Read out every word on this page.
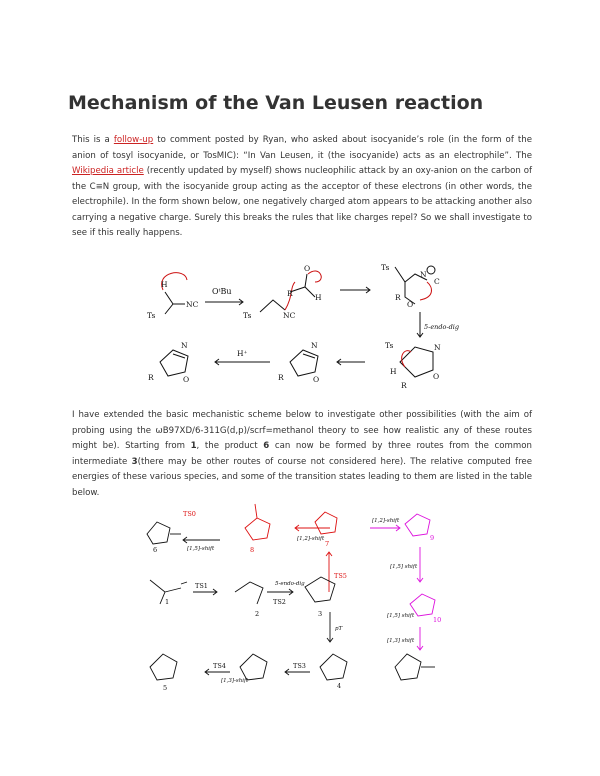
Mechanism of the Van Leusen reaction

This is a follow-up to comment posted by Ryan, who asked about isocyanide’s role (in the form of the anion of tosyl isocyanide, or TosMIC): “In Van Leusen, it (the isocyanide) acts as an electrophile”. The Wikipedia article (recently updated by myself) shows nucleophilic attack by an oxy-anion on the carbon of the C≡N group, with the isocyanide group acting as the acceptor of these electrons (in other words, the electrophile). In the form shown below, one negatively charged atom appears to be attacking another also carrying a negative charge. Surely this breaks the rules that like charges repel? So we shall investigate to see if this really happens.

H
Ts
NC
OᵗBu
Ts	NC
R	H
O	Ts
N
C
O
R
5-endo-dig
Ts	N
O
R
H
N
O
R
H⁺
N
O
R

I have extended the basic mechanistic scheme below to investigate other possibilities (with the aim of probing using the ωB97XD/6-311G(d,p)/scrf=methanol theory to see how realistic any of these routes might be). Starting from 1, the product 6 can now be formed by three routes from the common intermediate 3(there may be other routes of course not considered here). The relative computed free energies of these various species, and some of the transition states leading to them are listed in the table below.

TS0
TS1
TS2
TS3
TS4
TS5
1
2	3
4
5
6
7
8
9
10
5-endo-dig
[1,5]-shift
[1,2]-shift
[1,3]-shift
pT
[1,2]-shift
[1,5] shift
[1,3] shift
[1,5] shift
